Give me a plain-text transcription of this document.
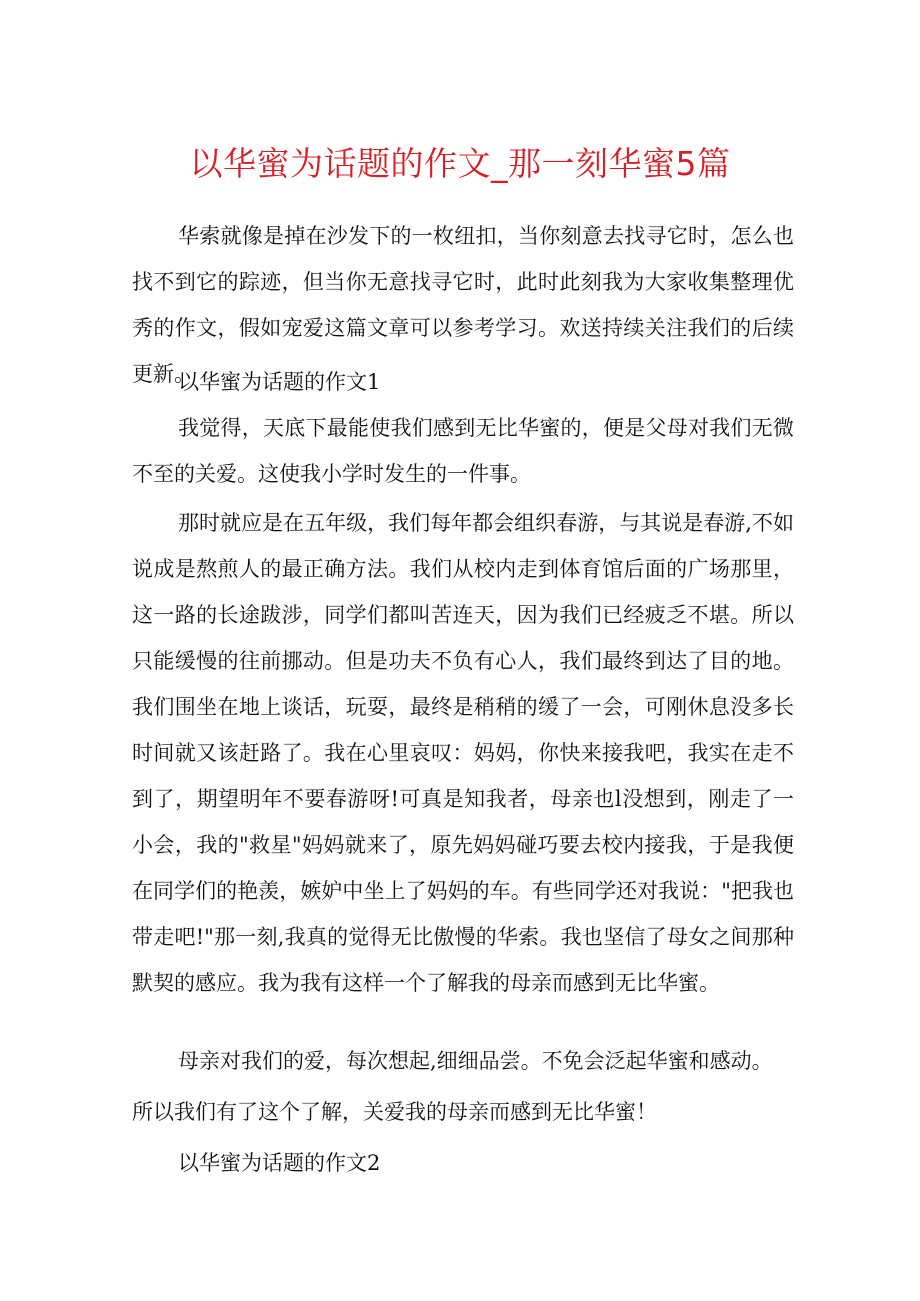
以华蜜为话题的作文_那一刻华蜜5篇

华索就像是掉在沙发下的一枚纽扣，当你刻意去找寻它时，怎么也找不到它的踪迹，但当你无意找寻它时，此时此刻我为大家收集整理优秀的作文，假如宠爱这篇文章可以参考学习。欢送持续关注我们的后续更新。

以华蜜为话题的作文1

我觉得，天底下最能使我们感到无比华蜜的，便是父母对我们无微不至的关爱。这使我小学时发生的一件事。

那时就应是在五年级，我们每年都会组织春游，与其说是春游,不如说成是熬煎人的最正确方法。我们从校内走到体育馆后面的广场那里，这一路的长途跋涉，同学们都叫苦连天，因为我们已经疲乏不堪。所以只能缓慢的往前挪动。但是功夫不负有心人，我们最终到达了目的地。我们围坐在地上谈话，玩耍，最终是稍稍的缓了一会，可刚休息没多长时间就又该赶路了。我在心里哀叹：妈妈，你快来接我吧，我实在走不到了，期望明年不要春游呀!可真是知我者，母亲也l没想到，刚走了一小会，我的"救星"妈妈就来了，原先妈妈碰巧要去校内接我，于是我便在同学们的艳羡，嫉妒中坐上了妈妈的车。有些同学还对我说："把我也带走吧!"那一刻,我真的觉得无比傲慢的华索。我也坚信了母女之间那种默契的感应。我为我有这样一个了解我的母亲而感到无比华蜜。

母亲对我们的爱，每次想起,细细品尝。不免会泛起华蜜和感动。

所以我们有了这个了解，关爱我的母亲而感到无比华蜜！

以华蜜为话题的作文2
